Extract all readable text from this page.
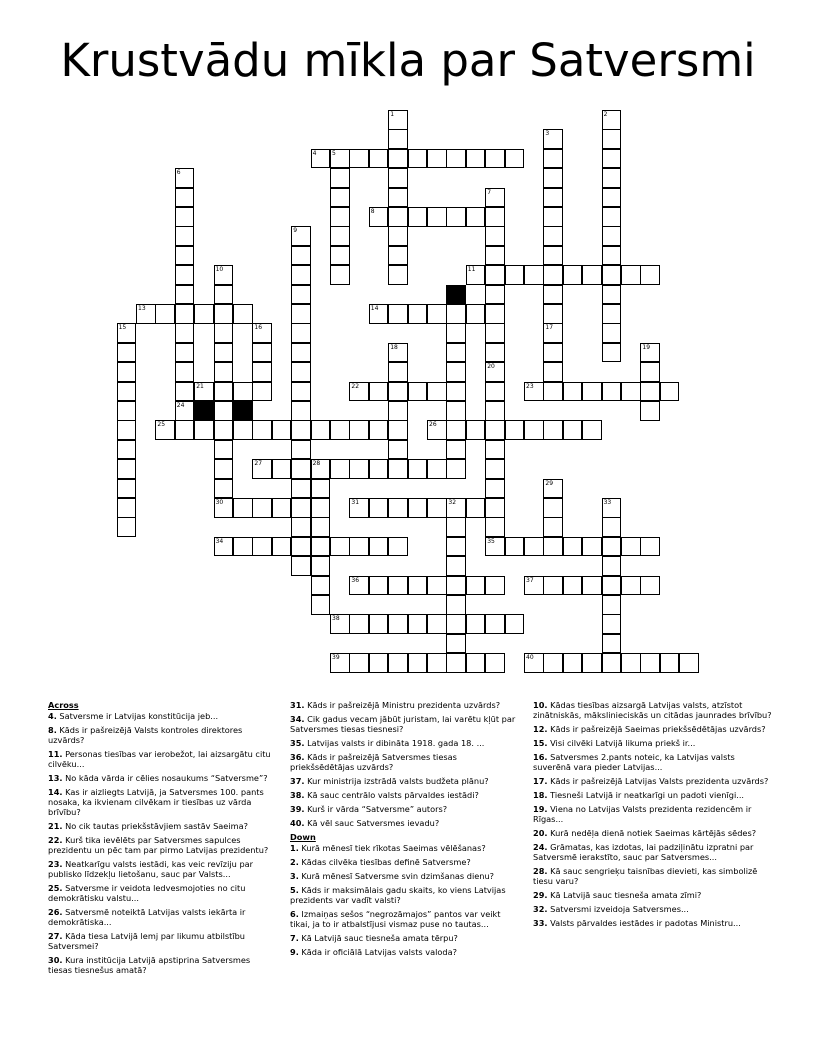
Krustvādu mīkla par Satversmi
4	5
8
11
13	14
21	22	23
25	26
27	28
30	31	32
34	35
36	37
38
39	40
1	2
3
17
6
24
7
20
9
10
12
15	16
18	19
29
33
Across
4. Satversme ir Latvijas konstitūcija jeb...
8. Kāds ir pašreizējā Valsts kontroles direktores uzvārds?
11. Personas tiesības var ierobežot, lai aizsargātu citu cilvēku...
13. No kāda vārda ir cēlies nosaukums “Satversme”?
14. Kas ir aizliegts Latvijā, ja Satversmes 100. pants nosaka, ka ikvienam cilvēkam ir tiesības uz vārda brīvību?
21. No cik tautas priekšstāvjiem sastāv Saeima?
22. Kurš tika ievēlēts par Satversmes sapulces prezidentu un pēc tam par pirmo Latvijas prezidentu?
23. Neatkarīgu valsts iestādi, kas veic revīziju par publisko līdzekļu lietošanu, sauc par Valsts...
25. Satversme ir veidota ledvesmojoties no citu demokrātisku valstu...
26. Satversmē noteiktā Latvijas valsts iekārta ir demokrātiska...
27. Kāda tiesa Latvijā lemj par likumu atbilstību Satversmei?
30. Kura institūcija Latvijā apstiprina Satversmes tiesas tiesnešus amatā?
31. Kāds ir pašreizējā Ministru prezidenta uzvārds?
34. Cik gadus vecam jābūt juristam, lai varētu kļūt par Satversmes tiesas tiesnesi?
35. Latvijas valsts ir dibināta 1918. gada 18. ...
36. Kāds ir pašreizējā Satversmes tiesas priekšsēdētājas uzvārds?
37. Kur ministrija izstrādā valsts budžeta plānu?
38. Kā sauc centrālo valsts pārvaldes iestādi?
39. Kurš ir vārda “Satversme” autors?
40. Kā vēl sauc Satversmes ievadu?
Down
1. Kurā mēnesī tiek rīkotas Saeimas vēlēšanas?
2. Kādas cilvēka tiesības definē Satversme?
3. Kurā mēnesī Satversme svin dzimšanas dienu?
5. Kāds ir maksimālais gadu skaits, ko viens Latvijas prezidents var vadīt valsti?
6. Izmaiņas sešos “negrozāmajos” pantos var veikt tikai, ja to ir atbalstījusi vismaz puse no tautas...
7. Kā Latvijā sauc tiesneša amata tērpu?
9. Kāda ir oficiālā Latvijas valsts valoda?
10. Kādas tiesības aizsargā Latvijas valsts, atzīstot zinātniskās, mākslinieciskās un citādas jaunrades brīvību?
12. Kāds ir pašreizējā Saeimas priekšsēdētājas uzvārds?
15. Visi cilvēki Latvijā likuma priekš ir...
16. Satversmes 2.pants noteic, ka Latvijas valsts suverēnā vara pieder Latvijas...
17. Kāds ir pašreizējā Latvijas Valsts prezidenta uzvārds?
18. Tiesneši Latvijā ir neatkarīgi un padoti vienīgi...
19. Viena no Latvijas Valsts prezidenta rezidencēm ir Rīgas...
20. Kurā nedēļa dienā notiek Saeimas kārtējās sēdes?
24. Grāmatas, kas izdotas, lai padziļinātu izpratni par Satversmē ierakstīto, sauc par Satversmes...
28. Kā sauc sengrieķu taisnības dievieti, kas simbolizē tiesu varu?
29. Kā Latvijā sauc tiesneša amata zīmi?
32. Satversmi izveidoja Satversmes...
33. Valsts pārvaldes iestādes ir padotas Ministru...
